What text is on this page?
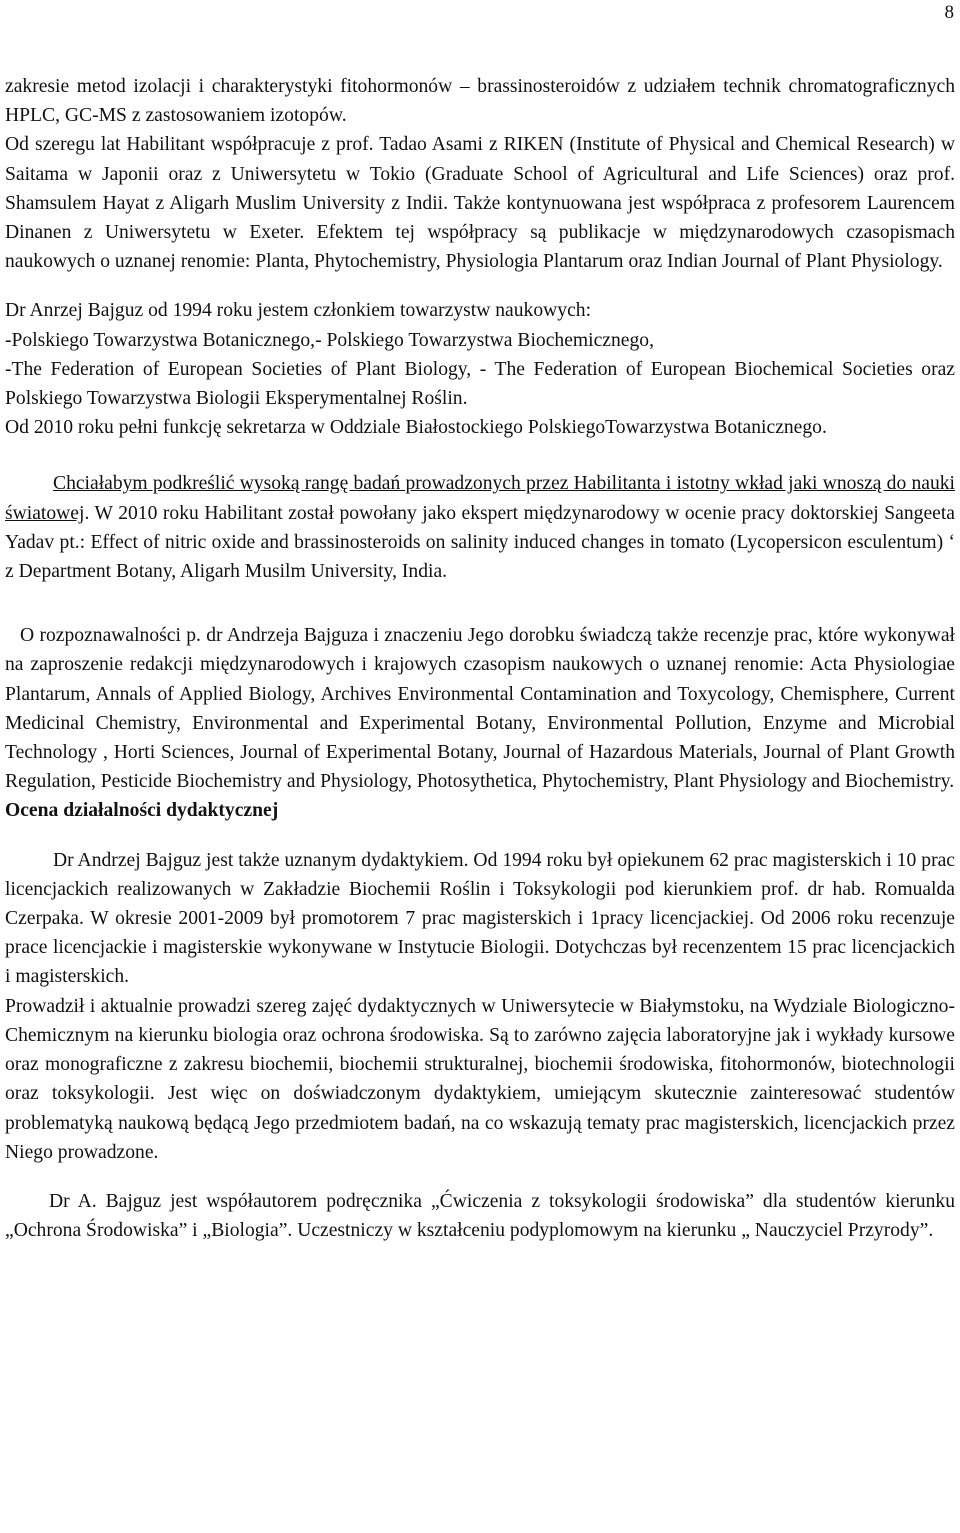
8

zakresie metod izolacji i charakterystyki fitohormonów – brassinosteroidów z udziałem technik chromatograficznych HPLC, GC-MS z zastosowaniem izotopów.

Od szeregu lat Habilitant współpracuje z prof. Tadao Asami z RIKEN (Institute of Physical and Chemical Research) w Saitama w Japonii oraz z Uniwersytetu w Tokio (Graduate School of Agricultural and Life Sciences) oraz prof. Shamsulem Hayat z Aligarh Muslim University z Indii. Także kontynuowana jest współpraca z profesorem Laurencem Dinanen z Uniwersytetu w Exeter. Efektem tej współpracy są publikacje w międzynarodowych czasopismach naukowych o uznanej renomie: Planta, Phytochemistry, Physiologia Plantarum oraz Indian Journal of Plant Physiology.

Dr Anrzej Bajguz od 1994 roku jestem członkiem towarzystw naukowych:

-Polskiego Towarzystwa Botanicznego,- Polskiego Towarzystwa Biochemicznego,

-The Federation of European Societies of Plant Biology, - The Federation of European Biochemical Societies oraz Polskiego Towarzystwa Biologii Eksperymentalnej Roślin.

Od 2010 roku pełni funkcję sekretarza w Oddziale Białostockiego PolskiegoTowarzystwa Botanicznego.

Chciałabym podkreślić wysoką rangę badań prowadzonych przez Habilitanta i istotny wkład jaki wnoszą do nauki światowej. W 2010 roku Habilitant został powołany jako ekspert międzynarodowy w ocenie pracy doktorskiej Sangeeta Yadav pt.: Effect of nitric oxide and brassinosteroids on salinity induced changes in tomato (Lycopersicon esculentum) ‘ z Department Botany, Aligarh Musilm University, India.

O rozpoznawalności p. dr Andrzeja Bajguza i znaczeniu Jego dorobku świadczą także recenzje prac, które wykonywał na zaproszenie redakcji międzynarodowych i krajowych czasopism naukowych o uznanej renomie: Acta Physiologiae Plantarum, Annals of Applied Biology, Archives Environmental Contamination and Toxycology, Chemisphere, Current Medicinal Chemistry, Environmental and Experimental Botany, Environmental Pollution, Enzyme and Microbial Technology , Horti Sciences, Journal of Experimental Botany, Journal of Hazardous Materials, Journal of Plant Growth Regulation, Pesticide Biochemistry and Physiology, Photosythetica, Phytochemistry, Plant Physiology and Biochemistry.

Ocena działalności dydaktycznej

Dr Andrzej Bajguz jest także uznanym dydaktykiem. Od 1994 roku był opiekunem 62 prac magisterskich i 10 prac licencjackich realizowanych w Zakładzie Biochemii Roślin i Toksykologii pod kierunkiem prof. dr hab. Romualda Czerpaka. W okresie 2001-2009 był promotorem 7 prac magisterskich i 1pracy licencjackiej. Od 2006 roku recenzuje prace licencjackie i magisterskie wykonywane w Instytucie Biologii. Dotychczas był recenzentem 15 prac licencjackich i magisterskich.

Prowadził i aktualnie prowadzi szereg zajęć dydaktycznych w Uniwersytecie w Białymstoku, na Wydziale Biologiczno-Chemicznym na kierunku biologia oraz ochrona środowiska. Są to zarówno zajęcia laboratoryjne jak i wykłady kursowe oraz monograficzne z zakresu biochemii, biochemii strukturalnej, biochemii środowiska, fitohormonów, biotechnologii oraz toksykologii. Jest więc on doświadczonym dydaktykiem, umiejącym skutecznie zainteresować studentów problematyką naukową będącą Jego przedmiotem badań, na co wskazują tematy prac magisterskich, licencjackich przez Niego prowadzone.

Dr A. Bajguz jest współautorem podręcznika „Ćwiczenia z toksykologii środowiska” dla studentów kierunku „Ochrona Środowiska” i „Biologia”. Uczestniczy w kształceniu podyplomowym na kierunku „ Nauczyciel Przyrody”.
